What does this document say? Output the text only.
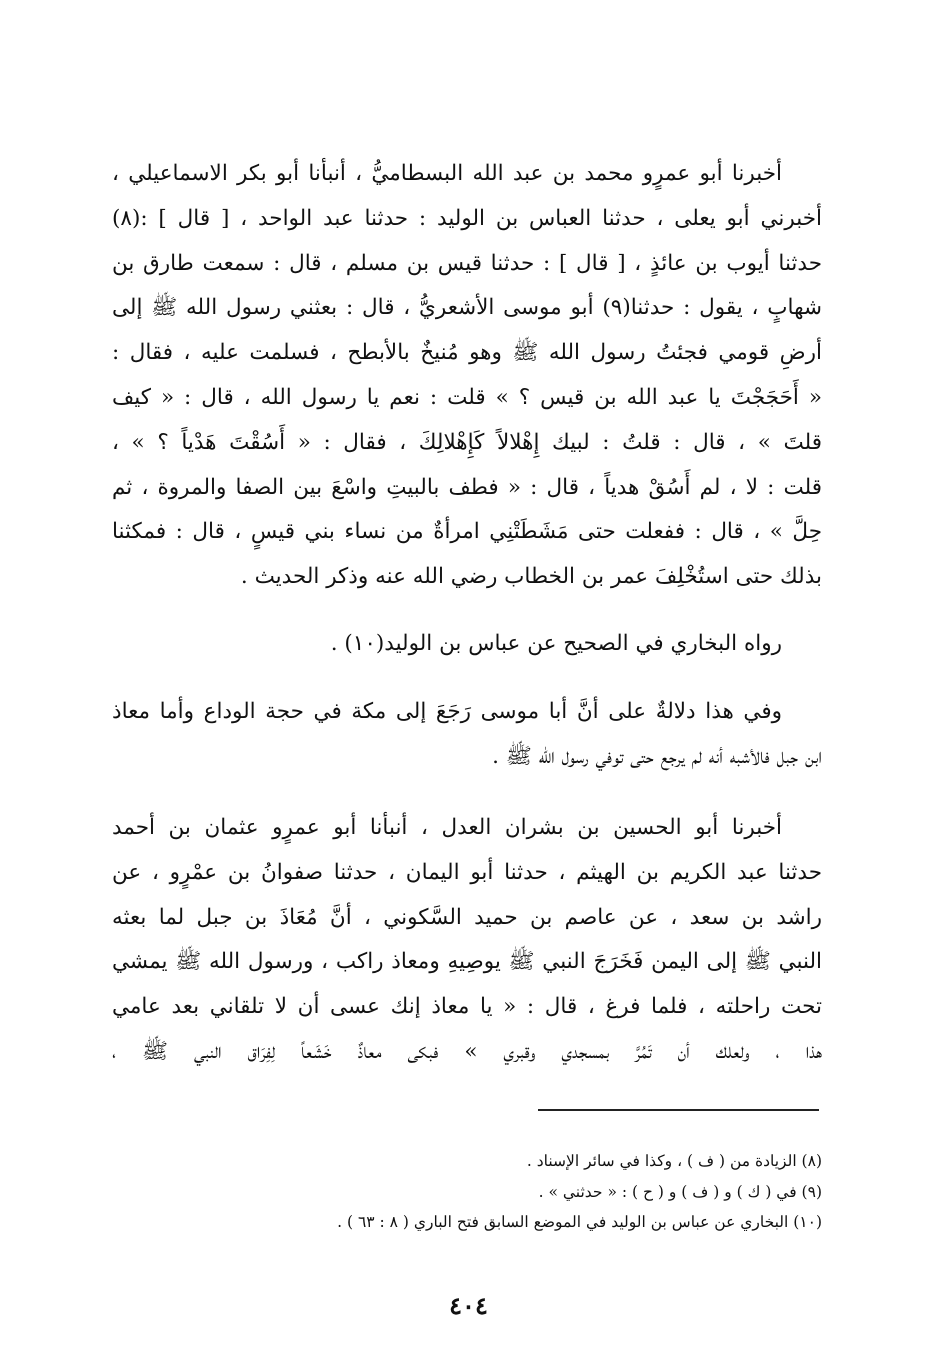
أخبرنا أبو عمرٍو محمد بن عبد الله البسطاميُّ ، أنبأنا أبو بكر الاسماعيلي ،
أخبرني أبو يعلى ، حدثنا العباس بن الوليد : حدثنا عبد الواحد ، [ قال ] :(٨)
حدثنا أيوب بن عائذٍ ، [ قال ] : حدثنا قيس بن مسلم ، قال : سمعت طارق بن
شهابٍ ، يقول : حدثنا(٩) أبو موسى الأشعريُّ ، قال : بعثني رسول الله ﷺ إلى
أرضِ قومي فجئتُ رسول الله ﷺ وهو مُنيخٌ بالأبطح ، فسلمت عليه ، فقال :
« أَحَجَجْتَ يا عبد الله بن قيس ؟ » قلت : نعم يا رسول الله ، قال : « كيف
قلتَ » ، قال : قلتُ : لبيك إِهْلالاً كَإِهْلالِكَ ، فقال : « أَسُقْتَ هَدْياً ؟ » ،
قلت : لا ، لم أَسُقْ هدياً ، قال : « فطف بالبيتِ واسْعَ بين الصفا والمروة ، ثم
حِلَّ » ، قال : ففعلت حتى مَشَطَتْنِي امرأةٌ من نساء بني قيسٍ ، قال : فمكثنا
بذلك حتى استُخْلِفَ عمر بن الخطاب رضي الله عنه وذكر الحديث .
رواه البخاري في الصحيح عن عباس بن الوليد(١٠) .
وفي هذا دلالةٌ على أنَّ أبا موسى رَجَعَ إلى مكة في حجة الوداع وأما معاذ
ابن جبل فالأشبه أنه لم يرجع حتى توفي رسول الله ﷺ .
أخبرنا أبو الحسين بن بشران العدل ، أنبأنا أبو عمرٍو عثمان بن أحمد
حدثنا عبد الكريم بن الهيثم ، حدثنا أبو اليمان ، حدثنا صفوانُ بن عمْرٍو ، عن
راشد بن سعد ، عن عاصم بن حميد السَّكوني ، أنَّ مُعَاذَ بن جبل لما بعثه
النبي ﷺ إلى اليمن فَخَرَجَ النبي ﷺ يوصِيهِ ومعاذ راكب ، ورسول الله ﷺ يمشي
تحت راحلته ، فلما فرغ ، قال : « يا معاذ إنك عسى أن لا تلقاني بعد عامي
هذا ، ولعلك أن تَمُرَّ بمسجدي وقبري » فبكى معاذٌ خَشَعاً لِفِرَاق النبي ﷺ ،
(٨) الزيادة من ( ف ) ، وكذا في سائر الإسناد .
(٩) في ( ك ) و ( ف ) و ( ح ) : « حدثني » .
(١٠) البخاري عن عباس بن الوليد في الموضع السابق فتح الباري ( ٨ : ٦٣ ) .
٤٠٤
